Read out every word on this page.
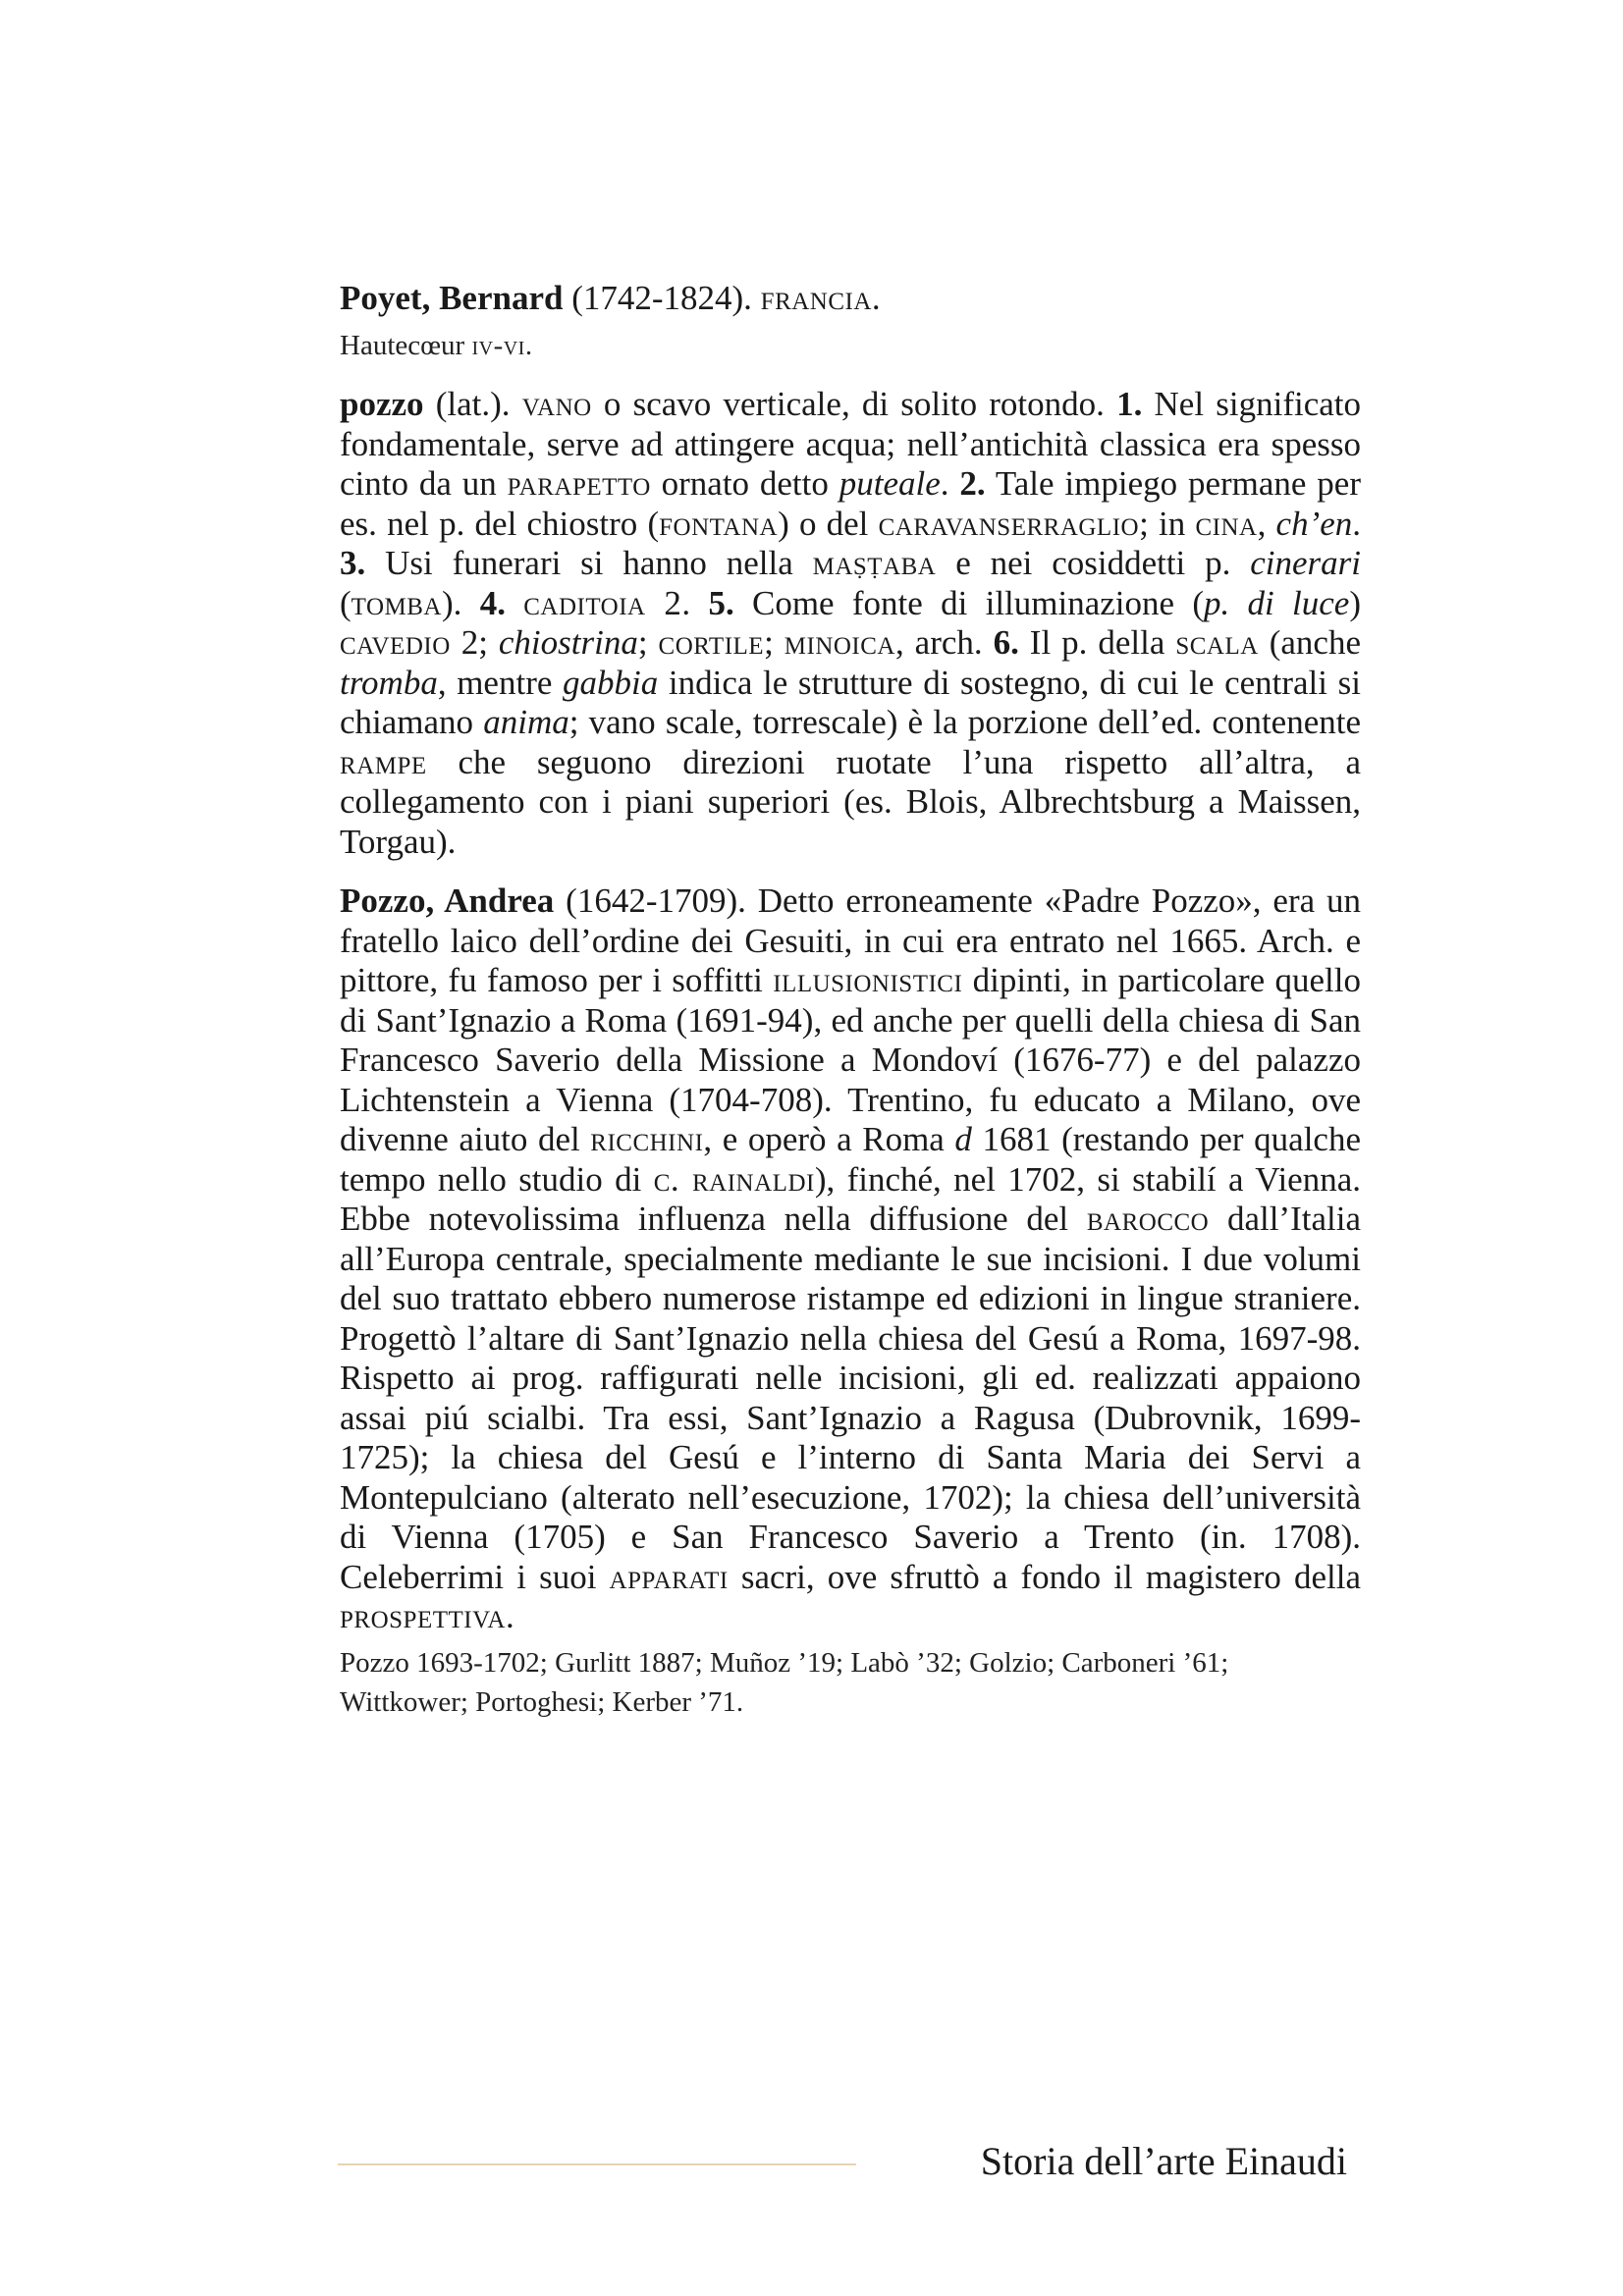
Poyet, Bernard (1742-1824). francia.

Hautecœur iv-vi.

pozzo (lat.). vano o scavo verticale, di solito rotondo. 1. Nel significato fondamentale, serve ad attingere acqua; nell’antichità classica era spesso cinto da un parapetto ornato detto puteale. 2. Tale impiego permane per es. nel p. del chiostro (fontana) o del caravanserraglio; in cina, ch’en. 3. Usi funerari si hanno nella maṣṭaba e nei cosiddetti p. cinerari (tomba). 4. caditoia 2. 5. Come fonte di illuminazione (p. di luce) cavedio 2; chiostrina; cortile; minoica, arch. 6. Il p. della scala (anche tromba, mentre gabbia indica le strutture di sostegno, di cui le centrali si chiamano anima; vano scale, torrescale) è la porzione dell’ed. contenente rampe che seguono direzioni ruotate l’una rispetto all’altra, a collegamento con i piani superiori (es. Blois, Albrechtsburg a Maissen, Torgau).

Pozzo, Andrea (1642-1709). Detto erroneamente «Padre Pozzo», era un fratello laico dell’ordine dei Gesuiti, in cui era entrato nel 1665. Arch. e pittore, fu famoso per i soffitti illusionistici dipinti, in particolare quello di Sant’Ignazio a Roma (1691-94), ed anche per quelli della chiesa di San Francesco Saverio della Missione a Mondoví (1676-77) e del palazzo Lichtenstein a Vienna (1704-708). Trentino, fu educato a Milano, ove divenne aiuto del ricchini, e operò a Roma d 1681 (restando per qualche tempo nello studio di c. rainaldi), finché, nel 1702, si stabilí a Vienna. Ebbe notevolissima influenza nella diffusione del barocco dall’Italia all’Europa centrale, specialmente mediante le sue incisioni. I due volumi del suo trattato ebbero numerose ristampe ed edizioni in lingue straniere. Progettò l’altare di Sant’Ignazio nella chiesa del Gesú a Roma, 1697-98. Rispetto ai prog. raffigurati nelle incisioni, gli ed. realizzati appaiono assai piú scialbi. Tra essi, Sant’Ignazio a Ragusa (Dubrovnik, 1699-1725); la chiesa del Gesú e l’interno di Santa Maria dei Servi a Montepulciano (alterato nell’esecuzione, 1702); la chiesa dell’università di Vienna (1705) e San Francesco Saverio a Trento (in. 1708). Celeberrimi i suoi apparati sacri, ove sfruttò a fondo il magistero della prospettiva.

Pozzo 1693-1702; Gurlitt 1887; Muñoz ’19; Labò ’32; Golzio; Carboneri ’61; Wittkower; Portoghesi; Kerber ’71.

Storia dell’arte Einaudi
